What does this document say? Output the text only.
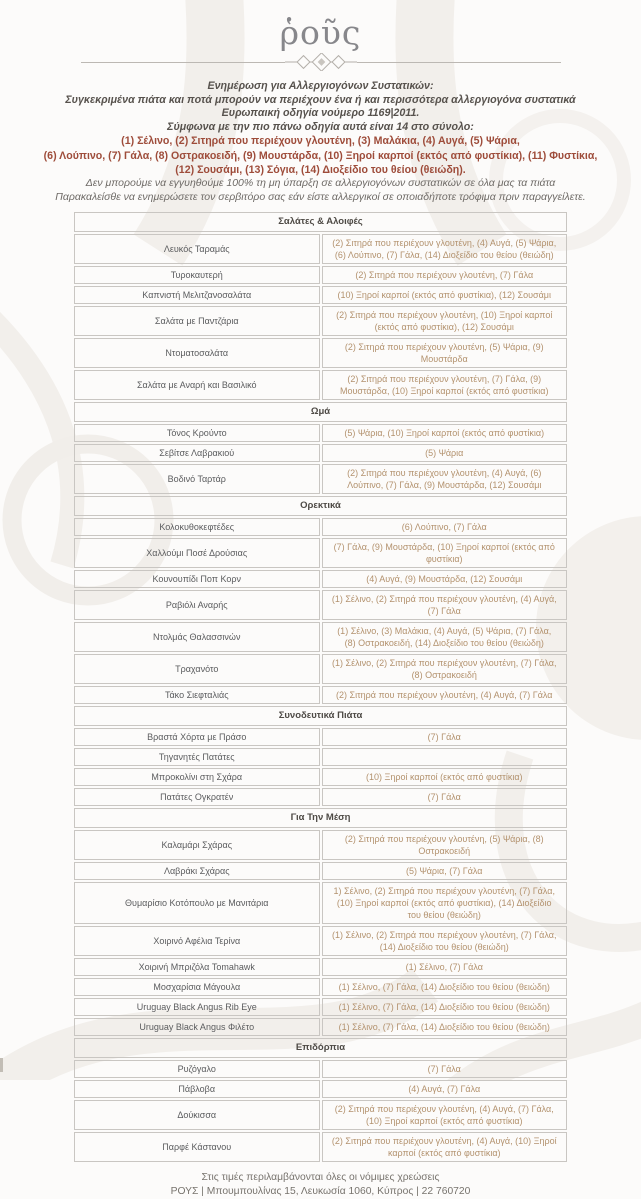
ῥοῦς
Ενημέρωση για Αλλεργιογόνων Συστατικών:
Συγκεκριμένα πιάτα και ποτά μπορούν να περιέχουν ένα ή και περισσότερα αλλεργιογόνα συστατικά
Ευρωπαική οδηγία νούμερο 1169|2011.
Σύμφωνα με την πιο πάνω οδηγία αυτά είναι 14 στο σύνολο:
(1) Σέλινο, (2) Σιτηρά που περιέχουν γλουτένη, (3) Μαλάκια, (4) Αυγά, (5) Ψάρια,
(6) Λούπινο, (7) Γάλα, (8) Οστρακοειδή, (9) Μουστάρδα, (10) Ξηροί καρποί (εκτός από φυστίκια), (11) Φυστίκια,
(12) Σουσάμι, (13) Σόγια, (14) Διοξείδιο του θείου (θειώδη).
Δεν μπορούμε να εγγυηθούμε 100% τη μη ύπαρξη σε αλλεργιογόνων συστατικών σε όλα μας τα πιάτα
Παρακαλείσθε να ενημερώσετε τον σερβιτόρο σας εάν είστε αλλεργικοί σε οποιαδήποτε τρόφιμα πριν παραγγείλετε.
Σαλάτες & Αλοιφές	
Λευκός Ταραμάς	(2) Σιτηρά που περιέχουν γλουτένη, (4) Αυγά, (5) Ψάρια, (6) Λούπινο, (7) Γάλα, (14) Διοξείδιο του θείου (θειώδη)
Τυροκαυτερή	(2) Σιτηρά που περιέχουν γλουτένη, (7) Γάλα
Καπνιστή Μελιτζανοσαλάτα	(10) Ξηροί καρποί (εκτός από φυστίκια), (12) Σουσάμι
Σαλάτα με Παντζάρια	(2) Σιτηρά που περιέχουν γλουτένη, (10) Ξηροί καρποί (εκτός από φυστίκια), (12) Σουσάμι
Ντοματοσαλάτα	(2) Σιτηρά που περιέχουν γλουτένη, (5) Ψάρια, (9) Μουστάρδα
Σαλάτα με Αναρή και Βασιλικό	(2) Σιτηρά που περιέχουν γλουτένη, (7) Γάλα, (9) Μουστάρδα, (10) Ξηροί καρποί (εκτός από φυστίκια)
Ωμά	
Τόνος Κρούντο	(5) Ψάρια, (10) Ξηροί καρποί (εκτός από φυστίκια)
Σεβίτσε Λαβρακιού	(5) Ψάρια
Βοδινό Ταρτάρ	(2) Σιτηρά που περιέχουν γλουτένη, (4) Αυγά, (6) Λούπινο, (7) Γάλα, (9) Μουστάρδα, (12) Σουσάμι
Ορεκτικά	
Κολοκυθοκεφτέδες	(6) Λούπινο, (7) Γάλα
Χαλλούμι Ποσέ Δρούσιας	(7) Γάλα, (9) Μουστάρδα, (10) Ξηροί καρποί (εκτός από φυστίκια)
Κουνουπίδι Ποπ Κορν	(4) Αυγά, (9) Μουστάρδα, (12) Σουσάμι
Ραβιόλι Αναρής	(1) Σέλινο, (2) Σιτηρά που περιέχουν γλουτένη, (4) Αυγά, (7) Γάλα
Ντολμάς Θαλασσινών	(1) Σέλινο, (3) Μαλάκια, (4) Αυγά, (5) Ψάρια, (7) Γάλα, (8) Οστρακοειδή, (14) Διοξείδιο του θείου (θειώδη)
Τραχανότο	(1) Σέλινο, (2) Σιτηρά που περιέχουν γλουτένη, (7) Γάλα, (8) Οστρακοειδή
Τάκο Σιεφταλιάς	(2) Σιτηρά που περιέχουν γλουτένη, (4) Αυγά, (7) Γάλα
Συνοδευτικά Πιάτα	
Βραστά Χόρτα με Πράσο	(7) Γάλα
Τηγανητές Πατάτες	
Μπροκολίνι στη Σχάρα	(10) Ξηροί καρποί (εκτός από φυστίκια)
Πατάτες Ογκρατέν	(7) Γάλα
Για Την Μέση	
Καλαμάρι Σχάρας	(2) Σιτηρά που περιέχουν γλουτένη, (5) Ψάρια, (8) Οστρακοειδή
Λαβράκι Σχάρας	(5) Ψάρια, (7) Γάλα
Θυμαρίσιο Κοτόπουλο με Μανιτάρια	1) Σέλινο, (2) Σιτηρά που περιέχουν γλουτένη, (7) Γάλα, (10) Ξηροί καρποί (εκτός από φυστίκια), (14) Διοξείδιο του θείου (θειώδη)
Χοιρινό Αφέλια Τερίνα	(1) Σέλινο, (2) Σιτηρά που περιέχουν γλουτένη, (7) Γάλα, (14) Διοξείδιο του θείου (θειώδη)
Χοιρινή Μπριζόλα Tomahawk	(1) Σέλινο, (7) Γάλα
Μοσχαρίσια Μάγουλα	(1) Σέλινο, (7) Γάλα, (14) Διοξείδιο του θείου (θειώδη)
Uruguay Black Angus Rib Eye	(1) Σέλινο, (7) Γάλα, (14) Διοξείδιο του θείου (θειώδη)
Uruguay Black Angus Φιλέτο	(1) Σέλινο, (7) Γάλα, (14) Διοξείδιο του θείου (θειώδη)
Επιδόρπια	
Ρυζόγαλο	(7) Γάλα
Πάβλοβα	(4) Αυγά, (7) Γάλα
Δούκισσα	(2) Σιτηρά που περιέχουν γλουτένη, (4) Αυγά, (7) Γάλα, (10) Ξηροί καρποί (εκτός από φυστίκια)
Παρφέ Κάστανου	(2) Σιτηρά που περιέχουν γλουτένη, (4) Αυγά, (10) Ξηροί καρποί (εκτός από φυστίκια)
Στις τιμές περιλαμβάνονται όλες οι νόμιμες χρεώσεις
ΡΟΥΣ | Μπουμπουλίνας 15, Λευκωσία 1060, Κύπρος | 22 760720
